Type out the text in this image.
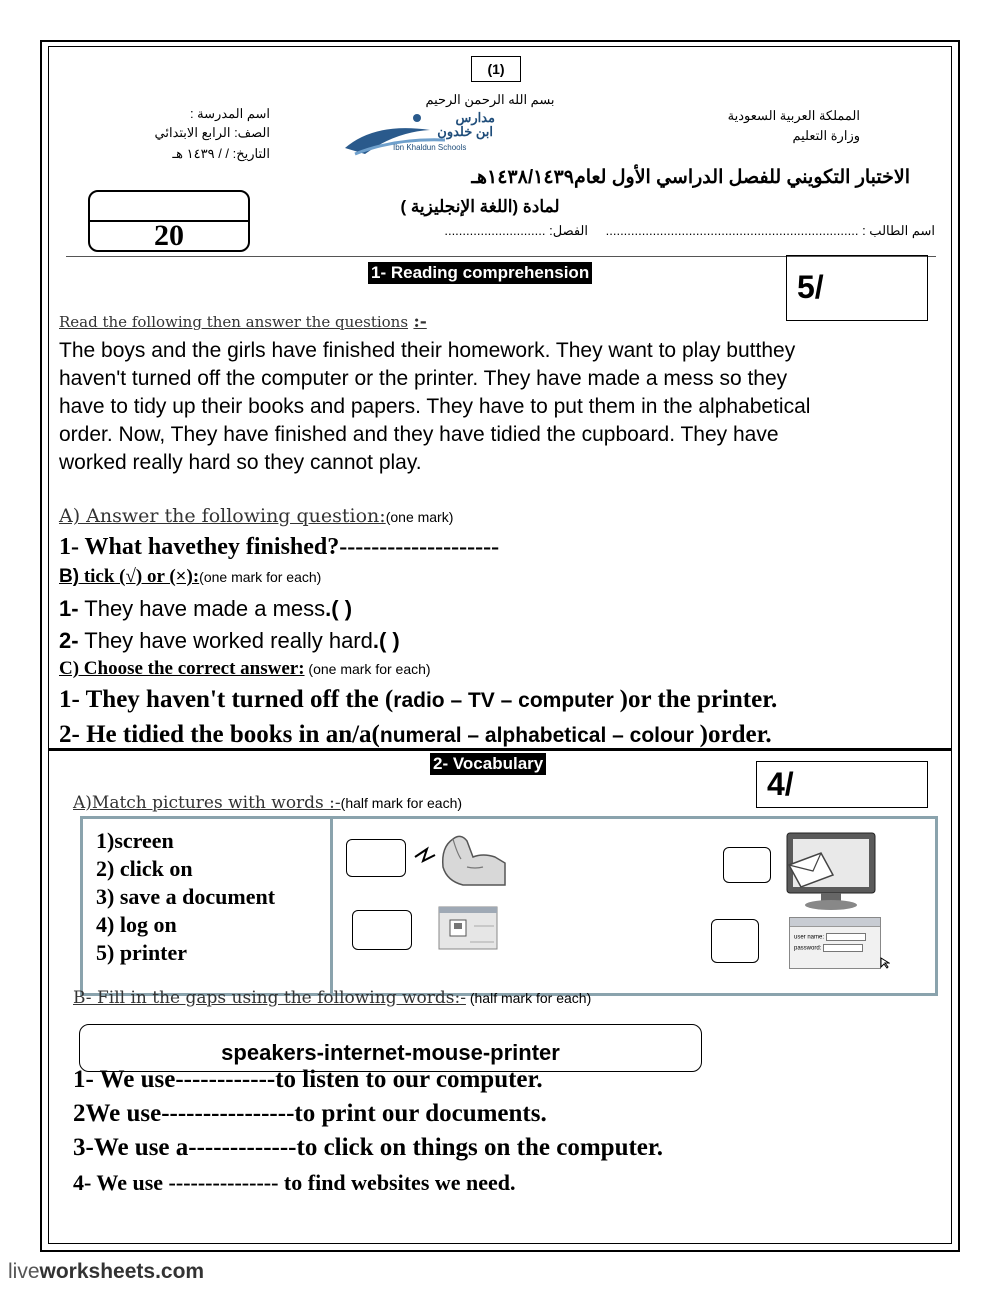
(1)
بسم الله الرحمن الرحيم
المملكة العربية السعودية
وزارة التعليم
اسم المدرسة :
الصف: الرابع الابتدائي
التاريخ: / / ١٤٣٩ هـ
مدارس
ابن خلدون
Ibn Khaldun Schools
الاختبار التكويني للفصل الدراسي الأول لعام١٤٣٨/١٤٣٩هـ
لمادة (اللغة الإنجليزية )
اسم الطالب : ...................................................................... الفصل: ............................
20
1- Reading comprehension	5/
Read the following then answer the questions :-
The boys and the girls have finished their homework. They want to play butthey
haven't turned off the computer or the printer. They have made a mess so they
have to tidy up their books and papers. They have to put them in the alphabetical
order. Now, They have finished and they have tidied the cupboard. They have
worked really hard so they cannot play.
A) Answer the following question:(one mark)
1- What havethey finished?--------------------
B) tick (√) or (×):(one mark for each)
1- They have made a mess.( )
2- They have worked really hard.( )
C) Choose the correct answer: (one mark for each)
1- They haven't turned off the (radio – TV – computer )or the printer.
2- He tidied the books in an/a(numeral – alphabetical – colour )order.
2- Vocabulary
4/
A)Match pictures with words :-(half mark for each)
1)screen
2) click on
3) save a document
4) log on
5) printer
user name:
password:
B- Fill in the gaps using the following words:- (half mark for each)
speakers-internet-mouse-printer
1- We use------------to listen to our computer.
2We use----------------to print our documents.
3-We use a-------------to click on things on the computer.
4- We use --------------- to find websites we need.
liveworksheets.com
